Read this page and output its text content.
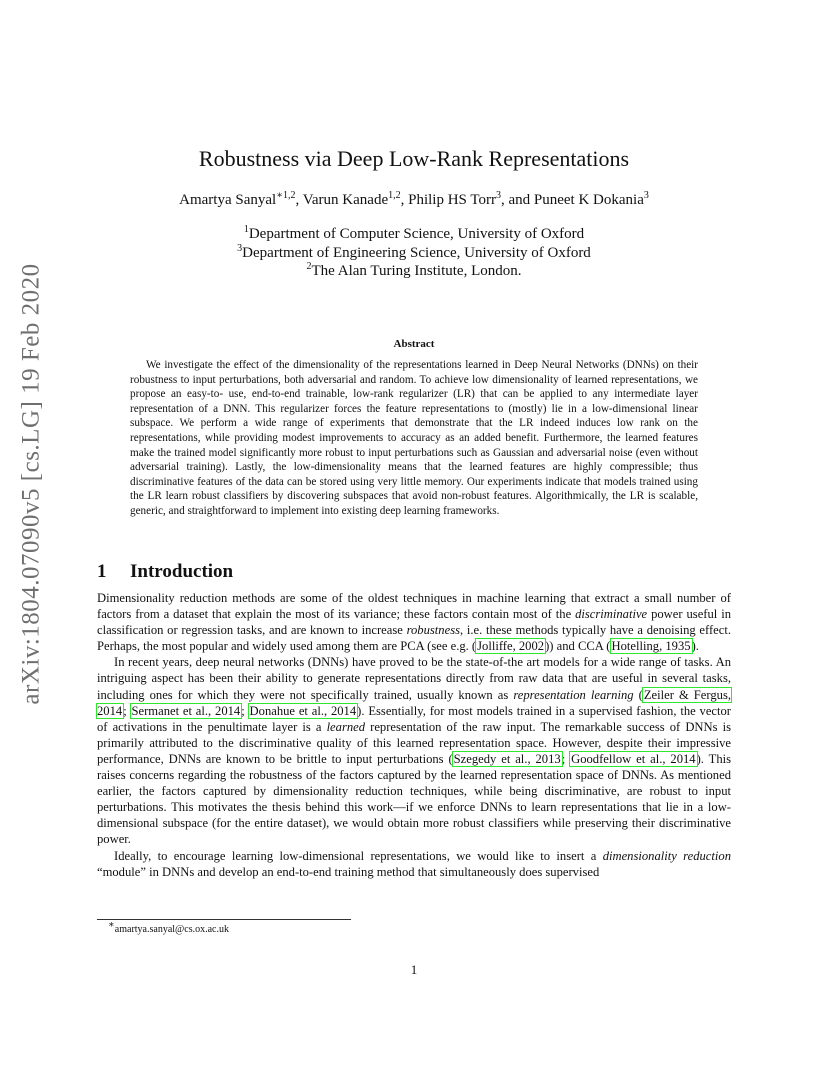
arXiv:1804.07090v5 [cs.LG] 19 Feb 2020
Robustness via Deep Low-Rank Representations
Amartya Sanyal$^{∗1,2}$, Varun Kanade$^{1,2}$, Philip HS Torr$^3$, and Puneet K Dokania$^3$
$^1$Department of Computer Science, University of Oxford
$^3$Department of Engineering Science, University of Oxford
$^2$The Alan Turing Institute, London.
Abstract
We investigate the effect of the dimensionality of the representations learned in Deep Neural Networks (DNNs) on their robustness to input perturbations, both adversarial and random. To achieve low dimensionality of learned representations, we propose an easy-to- use, end-to-end trainable, low-rank regularizer (LR) that can be applied to any intermediate layer representation of a DNN. This regularizer forces the feature representations to (mostly) lie in a low-dimensional linear subspace. We perform a wide range of experiments that demonstrate that the LR indeed induces low rank on the representations, while providing modest improvements to accuracy as an added benefit. Furthermore, the learned features make the trained model significantly more robust to input perturbations such as Gaussian and adversarial noise (even without adversarial training). Lastly, the low-dimensionality means that the learned features are highly compressible; thus discriminative features of the data can be stored using very little memory. Our experiments indicate that models trained using the LR learn robust classifiers by discovering subspaces that avoid non-robust features. Algorithmically, the LR is scalable, generic, and straightforward to implement into existing deep learning frameworks.
1 Introduction

Dimensionality reduction methods are some of the oldest techniques in machine learning that extract a small number of factors from a dataset that explain the most of its variance; these factors contain most of the discriminative power useful in classification or regression tasks, and are known to increase robustness, i.e. these methods typically have a denoising effect. Perhaps, the most popular and widely used among them are PCA (see e.g. (Jolliffe, 2002)) and CCA (Hotelling, 1935).

In recent years, deep neural networks (DNNs) have proved to be the state-of-the art models for a wide range of tasks. An intriguing aspect has been their ability to generate representations directly from raw data that are useful in several tasks, including ones for which they were not specifically trained, usually known as representation learning (Zeiler & Fergus, 2014; Sermanet et al., 2014; Donahue et al., 2014). Essentially, for most models trained in a supervised fashion, the vector of activations in the penultimate layer is a learned representation of the raw input. The remarkable success of DNNs is primarily attributed to the discriminative quality of this learned representation space. However, despite their impressive performance, DNNs are known to be brittle to input perturbations (Szegedy et al., 2013; Goodfellow et al., 2014). This raises concerns regarding the robustness of the factors captured by the learned representation space of DNNs. As mentioned earlier, the factors captured by dimensionality reduction techniques, while being discriminative, are robust to input perturbations. This motivates the thesis behind this work—if we enforce DNNs to learn representations that lie in a low-dimensional subspace (for the entire dataset), we would obtain more robust classifiers while preserving their discriminative power.

Ideally, to encourage learning low-dimensional representations, we would like to insert a dimensionality reduction “module” in DNNs and develop an end-to-end training method that simultaneously does supervised

∗amartya.sanyal@cs.ox.ac.uk
1
